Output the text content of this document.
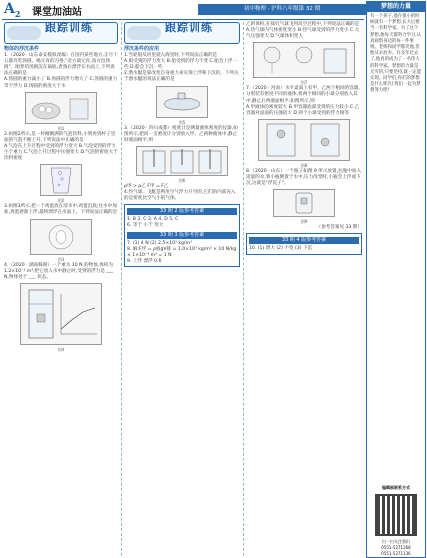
$A_2$ 课堂加油站	初中物理 · 沪科八年级第 32 期
跟踪训练
物体的浮沉条件

1.（2020 · 山东泰安模拟改编）在国内某些地方,正月十五都有吃汤圆、喝元宵的习俗,"北方滚元宵,南方包汤圆"。刚煮的汤圆沉在锅底,煮熟后漂浮在水面上,下列说法正确的是

A.汤圆的重力减小了 B.汤圆的浮力增大了 C.汤圆的重力等于浮力 D.汤圆的密度大于水

图1

2.如图2所示,是一杯刚倒满的气泡饮料,小明看到杯子里面的气泡不断上升,下列说法中正确的是

A.气泡在上升过程中受到的浮力变大 B.气泡受到的浮力小于重力 C.气泡上升过程中压强变大 D.气泡的密度大于饮料密度

图2

3.如图3所示,把一个鸡蛋放在清水中,鸡蛋沉底;往水中加盐,鸡蛋逐渐上浮,最终漂浮在水面上。下列说法正确的是

图3

4.（2020 · 湖南株洲）一个重为 10 N 的物体,体积为 1.2×10⁻³ m³,把它放入水中静止时,受到的浮力是 ___ N,物体处于 ___ 状态。

图4
跟踪训练
浮沉条件的应用

1.当轮船从河里驶入海里时,下列说法正确的是

A.船受到的浮力变大 B.船受到的浮力不变 C.船会上浮一些 D.船会下沉一些

2.潜水艇是靠改变自身重力来实现上浮和下沉的。下列关于潜水艇的说法正确的是

图5

3.（2020 · 四川成都）密度计是测量液体密度的仪器,如图所示,把同一支密度计分别放入甲、乙两种液体中,静止时液面相平,则

图6

ρ甲 > ρ乙 F甲 = F乙

4.热气球、飞艇是利用空气浮力升空的,它们的内部充入的是密度比空气小的气体。

33 期 2 版参考答案

1. B 2. C 3. A 4. D 5. C

6. 等于 小于 变大

33 期 3 版参考答案

7. (1) 4 N (2) 2.5×10³ kg/m³

8. 解:F浮 = ρ液gV排 = 1.0×10³ kg/m³ × 10 N/kg × 1×10⁻⁴ m³ = 1 N

9. 上浮 漂浮 0.6

乙的体积,在探究气球飞到高空过程中,下列说法正确的是

A.热气球内气体密度变小 B.热气球受到的浮力变小 C.大气压强变大 D.气球体积变大

图7

7.（2020 · 河南）水平桌面上有甲、乙两个相同的容器,分别装有密度不同的液体,将两个相同的小球分别放入其中,静止后两液面相平,如图所示,则

A.甲液体的密度较大 B.甲容器底部受到的压力较小 C.乙容器对桌面的压强较大 D.两个小球受到的浮力相等

图8

8.（2020 · 山东）一个瓶子如图 9 所示放置,往瓶中加入适量的水,将小瓶倒置于水中,压力改变时,小瓶会上浮或下沉,这就是"浮沉子"。

图9

（参考答案见 33 期）

33 期 4 版参考答案

10. (1) 增大 (2) 不变 (3) 下沉

梦想的力量
有一个孩子,他在很小的时候就有一个梦想,长大后要当一名科学家。为了这个梦想,他每天都努力学习,认真观察身边的每一件事情。老师和同学都笑他,但他从未放弃。许多年过去了,他真的成为了一名伟大的科学家。梦想的力量是无穷的,只要坚持,就一定能实现。同学们,你们的梦想是什么呢?让我们一起为梦想努力吧!
编辑部联系方式
扫一扫关注我们
0551-5271268
0551-5271136
